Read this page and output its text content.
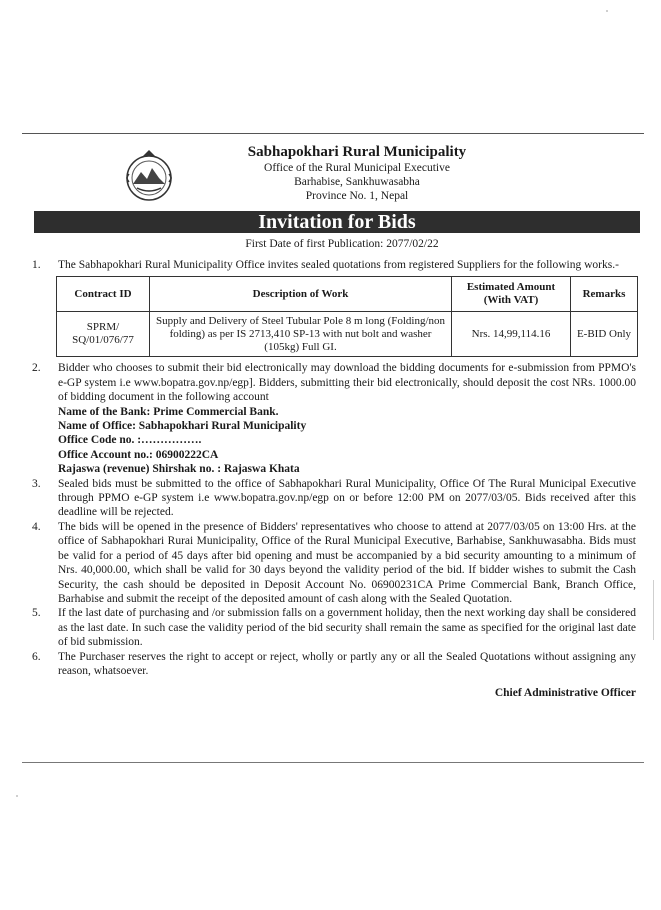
Sabhapokhari Rural Municipality
Office of the Rural Municipal Executive
Barhabise, Sankhuwasabha
Province No. 1, Nepal
Invitation for Bids
First Date of first Publication: 2077/02/22
1. The Sabhapokhari Rural Municipality Office invites sealed quotations from registered Suppliers for the following works.-
Contract ID	Description of Work	Estimated Amount (With VAT)	Remarks
SPRM/ SQ/01/076/77	Supply and Delivery of Steel Tubular Pole 8 m long (Folding/non folding) as per IS 2713,410 SP-13 with nut bolt and washer (105kg) Full GI.	Nrs. 14,99,114.16	E-BID Only
2. Bidder who chooses to submit their bid electronically may download the bidding documents for e-submission from PPMO's e-GP system i.e www.bopatra.gov.np/egp]. Bidders, submitting their bid electronically, should deposit the cost NRs. 1000.00 of bidding document in the following account
Name of the Bank: Prime Commercial Bank.
Name of Office: Sabhapokhari Rural Municipality
Office Code no. :…………….
Office Account no.: 06900222CA
Rajaswa (revenue) Shirshak no. : Rajaswa Khata
3. Sealed bids must be submitted to the office of Sabhapokhari Rural Municipality, Office Of The Rural Municipal Executive through PPMO e-GP system i.e www.bopatra.gov.np/egp on or before 12:00 PM on 2077/03/05. Bids received after this deadline will be rejected.
4. The bids will be opened in the presence of Bidders' representatives who choose to attend at 2077/03/05 on 13:00 Hrs. at the office of Sabhapokhari Rurai Municipality, Office of the Rural Municipal Executive, Barhabise, Sankhuwasabha. Bids must be valid for a period of 45 days after bid opening and must be accompanied by a bid security amounting to a minimum of Nrs. 40,000.00, which shall be valid for 30 days beyond the validity period of the bid. If bidder wishes to submit the Cash Security, the cash should be deposited in Deposit Account No. 06900231CA Prime Commercial Bank, Branch Office, Barhabise and submit the receipt of the deposited amount of cash along with the Sealed Quotation.
5. If the last date of purchasing and /or submission falls on a government holiday, then the next working day shall be considered as the last date. In such case the validity period of the bid security shall remain the same as specified for the original last date of bid submission.
6. The Purchaser reserves the right to accept or reject, wholly or partly any or all the Sealed Quotations without assigning any reason, whatsoever.
Chief Administrative Officer
